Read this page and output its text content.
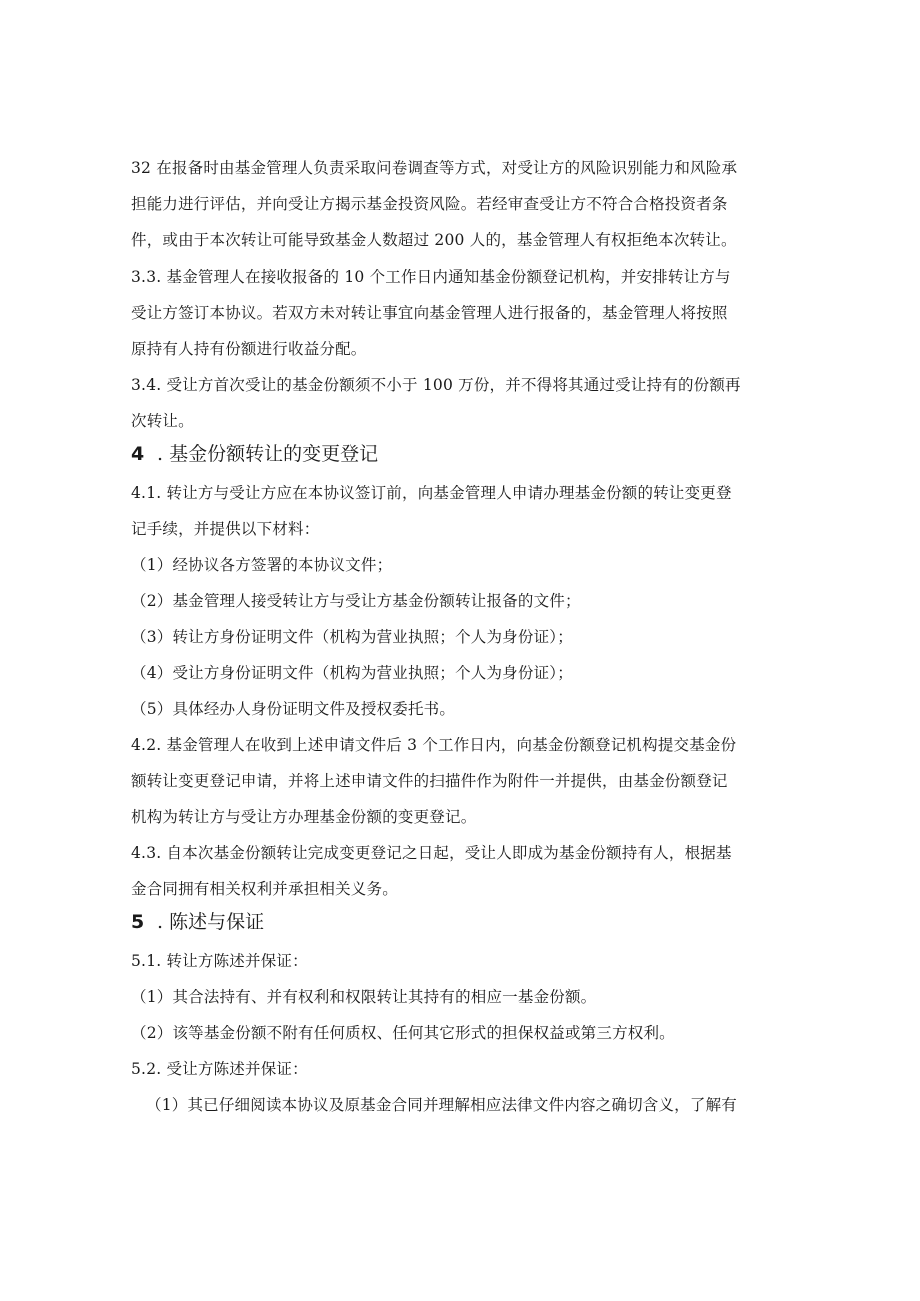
32 在报备时由基金管理人负责采取问卷调查等方式，对受让方的风险识别能力和风险承
担能力进行评估，并向受让方揭示基金投资风险。若经审查受让方不符合合格投资者条
件，或由于本次转让可能导致基金人数超过 200 人的，基金管理人有权拒绝本次转让。
3.3. 基金管理人在接收报备的 10 个工作日内通知基金份额登记机构，并安排转让方与
受让方签订本协议。若双方未对转让事宜向基金管理人进行报备的，基金管理人将按照
原持有人持有份额进行收益分配。
3.4. 受让方首次受让的基金份额须不小于 100 万份，并不得将其通过受让持有的份额再
次转让。
4 . 基金份额转让的变更登记
4.1. 转让方与受让方应在本协议签订前，向基金管理人申请办理基金份额的转让变更登
记手续，并提供以下材料：
（1）经协议各方签署的本协议文件；
（2）基金管理人接受转让方与受让方基金份额转让报备的文件；
（3）转让方身份证明文件（机构为营业执照；个人为身份证）；
（4）受让方身份证明文件（机构为营业执照；个人为身份证）；
（5）具体经办人身份证明文件及授权委托书。
4.2. 基金管理人在收到上述申请文件后 3 个工作日内，向基金份额登记机构提交基金份
额转让变更登记申请，并将上述申请文件的扫描件作为附件一并提供，由基金份额登记
机构为转让方与受让方办理基金份额的变更登记。
4.3. 自本次基金份额转让完成变更登记之日起，受让人即成为基金份额持有人，根据基
金合同拥有相关权利并承担相关义务。
5 . 陈述与保证
5.1. 转让方陈述并保证：
（1）其合法持有、并有权利和权限转让其持有的相应一基金份额。
（2）该等基金份额不附有任何质权、任何其它形式的担保权益或第三方权利。
5.2. 受让方陈述并保证：
（1）其已仔细阅读本协议及原基金合同并理解相应法律文件内容之确切含义，了解有
